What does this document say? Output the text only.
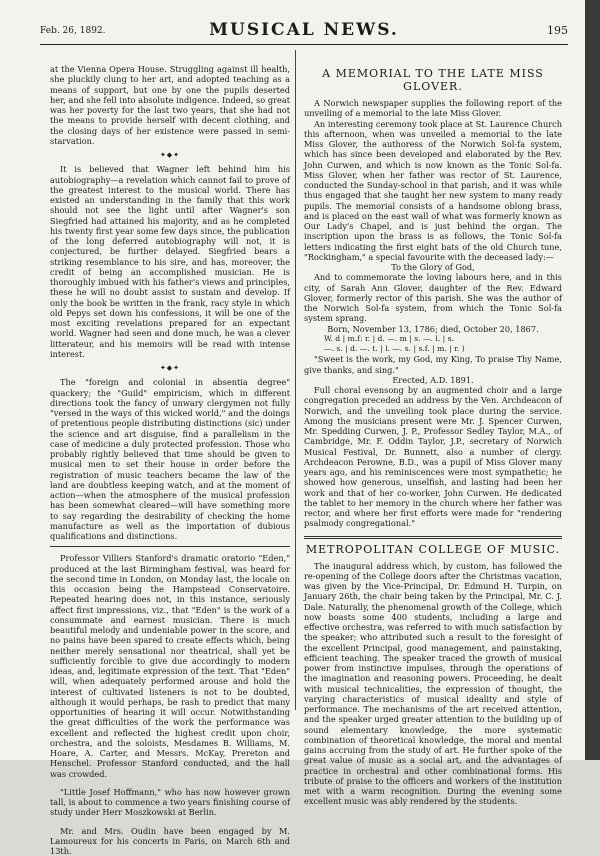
Feb. 26, 1892.	MUSICAL NEWS.	195

at the Vienna Opera House. Struggling against ill health, she pluckily clung to her art, and adopted teaching as a means of support, but one by one the pupils deserted her, and she fell into absolute indigence. Indeed, so great was her poverty for the last two years, that she had not the means to provide herself with decent clothing, and the closing days of her existence were passed in semi-starvation.

✦◆✦

It is believed that Wagner left behind him his autobiography—a revelation which cannot fail to prove of the greatest interest to the musical world. There has existed an understanding in the family that this work should not see the light until after Wagner's son Siegfried had attained his majority, and as he completed his twenty first year some few days since, the publication of the long deferred autobiography will not, it is conjectured, be further delayed. Siegfried bears a striking resemblance to his sire, and has, moreover, the credit of being an accomplished musician. He is thoroughly imbued with his father's views and principles, these he will no doubt assist to sustain and develop. If only the book be written in the frank, racy style in which old Pepys set down his confessions, it will be one of the most exciting revelations prepared for an expectant world. Wagner had seen and done much, he was a clever litterateur, and his memoirs will be read with intense interest.

✦◆✦

The "foreign and colonial in absentia degree" quackery; the "Guild" empiricism, which in different directions took the fancy of unwary clergymen not fully "versed in the ways of this wicked world," and the doings of pretentious people distributing distinctions (sic) under the science and art disguise, find a parallelism in the case of medicine a duly protected profession. Those who probably rightly believed that time should be given to musical men to set their house in order before the registration of music teachers became the law of the land are doubtless keeping watch, and at the moment of action—when the atmosphere of the musical profession has been somewhat cleared—will have something more to say regarding the desirability of checking the home manufacture as well as the importation of dubious qualifications and distinctions.

Professor Villiers Stanford's dramatic oratorio "Eden," produced at the last Birmingham festival, was heard for the second time in London, on Monday last, the locale on this occasion being the Hampstead Conservatoire. Repeated hearing does not, in this instance, seriously affect first impressions, viz., that "Eden" is the work of a consummate and earnest musician. There is much beautiful melody and undeniable power in the score, and no pains have been spared to create effects which, being neither merely sensational nor theatrical, shall yet be sufficiently forcible to give due accordingly to modern ideas, and, legitimate expression of the text. That "Eden" will, when adequately performed arouse and hold the interest of cultivated listeners is not to be doubted, although it would perhaps, be rash to predict that many opportunities of hearing it will occur. Notwithstanding the great difficulties of the work the performance was excellent and reflected the highest credit upon choir, orchestra, and the soloists, Mesdames B. Williams, M. Hoare, A. Carter, and Messrs. McKay, Prereton and Henschel. Professor Stanford conducted, and the hall was crowded.

"Little Josef Hoffmann," who has now however grown tall, is about to commence a two years finishing course of study under Herr Moszkowski at Berlin.

Mr. and Mrs. Oudin have been engaged by M. Lamoureux for his concerts in Paris, on March 6th and 13th.

A MEMORIAL TO THE LATE MISS GLOVER.

A Norwich newspaper supplies the following report of the unveiling of a memorial to the late Miss Glover.

An interesting ceremony took place at St. Laurence Church this afternoon, when was unveiled a memorial to the late Miss Glover, the authoress of the Norwich Sol-fa system, which has since been developed and elaborated by the Rev. John Curwen, and which is now known as the Tonic Sol-fa. Miss Glover, when her father was rector of St. Laurence, conducted the Sunday-school in that parish, and it was while thus engaged that she taught her new system to many ready pupils. The memorial consists of a handsome oblong brass, and is placed on the east wall of what was formerly known as Our Lady's Chapel, and is just behind the organ. The inscription upon the brass is as follows, the Tonic Sol-fa letters indicating the first eight bats of the old Church tune, "Rockingham," a special favourite with the deceased lady:—

To the Glory of God,

And to commemorate the loving labours here, and in this city, of Sarah Ann Glover, daughter of the Rev. Edward Glover, formerly rector of this parish. She was the author of the Norwich Sol-fa system, from which the Tonic Sol-fa system sprang.

Born, November 13, 1786; died, October 20, 1867.

W. d | m.f: r. | d. —. m | s. —. l. | s.

—. s. | d. —. t. | l. —. s. | s.f. | m. | r. )

"Sweet is the work, my God, my King, To praise Thy Name, give thanks, and sing."

Erected, A.D. 1891.

Full choral evensong by an augmented choir and a large congregation preceded an address by the Ven. Archdeacon of Norwich, and the unveiling took place during the service. Among the musicians present were Mr. J. Spencer Curwen, Mr. Spedding Curwen, J. P., Professor Sedley Taylor, M.A., of Cambridge, Mr. F. Oddin Taylor, J.P., secretary of Norwich Musical Festival, Dr. Bunnett, also a number of clergy. Archdeacon Perowne, B.D., was a pupil of Miss Glover many years ago, and his reminiscences were most sympathetic; he showed how generous, unselfish, and lasting had been her work and that of her co-worker, John Curwen. He dedicated the tablet to her memory in the church where her father was rector, and where her first efforts were made for "rendering psalmody congregational."

METROPOLITAN COLLEGE OF MUSIC.

The inaugural address which, by custom, has followed the re-opening of the College doors after the Christmas vacation, was given by the Vice-Principal, Dr. Edmund H. Turpin, on January 26th, the chair being taken by the Principal, Mr. C. J. Dale. Naturally, the phenomenal growth of the College, which now boasts some 400 students, including a large and effective orchestra, was referred to with much satisfaction by the speaker; who attributed such a result to the foresight of the excellent Principal, good management, and painstaking, efficient teaching. The speaker traced the growth of musical power from instinctive impulses, through the operations of the imagination and reasoning powers. Proceeding, he dealt with musical technicalities, the expression of thought, the varying characteristics of musical ideality and style of performance. The mechanisms of the art received attention, and the speaker urged greater attention to the building up of sound elementary knowledge, the more systematic combination of theoretical knowledge, the moral and mental gains accruing from the study of art. He further spoke of the great value of music as a social art, and the advantages of practice in orchestral and other combinational forms. His tribute of praise to the officers and workers of the institution met with a warm recognition. During the evening some excellent music was ably rendered by the students.
